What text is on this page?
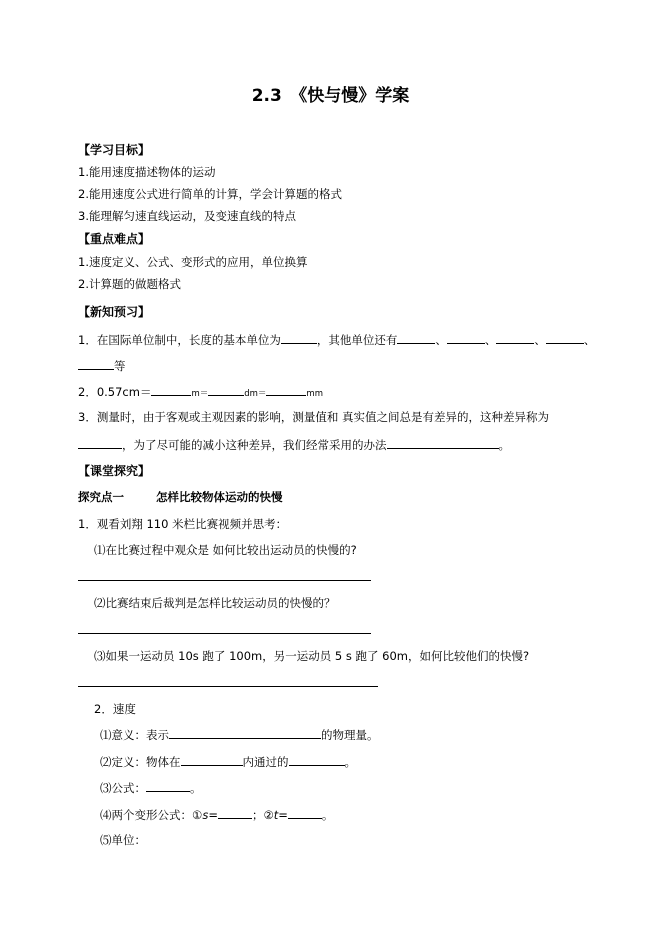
2.3　《快与慢》学案
【学习目标】
1.能用速度描述物体的运动
2.能用速度公式进行简单的计算，学会计算题的格式
3.能理解匀速直线运动，及变速直线的特点
【重点难点】
1.速度定义、公式、变形式的应用，单位换算
2.计算题的做题格式
【新知预习】
1．在国际单位制中，长度的基本单位为	，其他单位还有	、	、	、	、
等
2．0.57cm＝	m＝	dm＝	mm
3．测量时，由于客观或主观因素的影响，测量值和 真实值之间总是有差异的，这种差异称为
，为了尽可能的减小这种差异，我们经常采用的办法	。
【课堂探究】
探究点一	怎样比较物体运动的快慢
1．观看刘翔 110 米栏比赛视频并思考：
⑴在比赛过程中观众是 如何比较出运动员的快慢的?
⑵比赛结束后裁判是怎样比较运动员的快慢的？
⑶如果一运动员 10s 跑了 100m，另一运动员 5 s 跑了 60m，如何比较他们的快慢?
2．速度
⑴意义：表示	的物理量。
⑵定义：物体在	内通过的	。
⑶公式：	。
⑷两个变形公式：①s=	；②t=	。
⑸单位：
